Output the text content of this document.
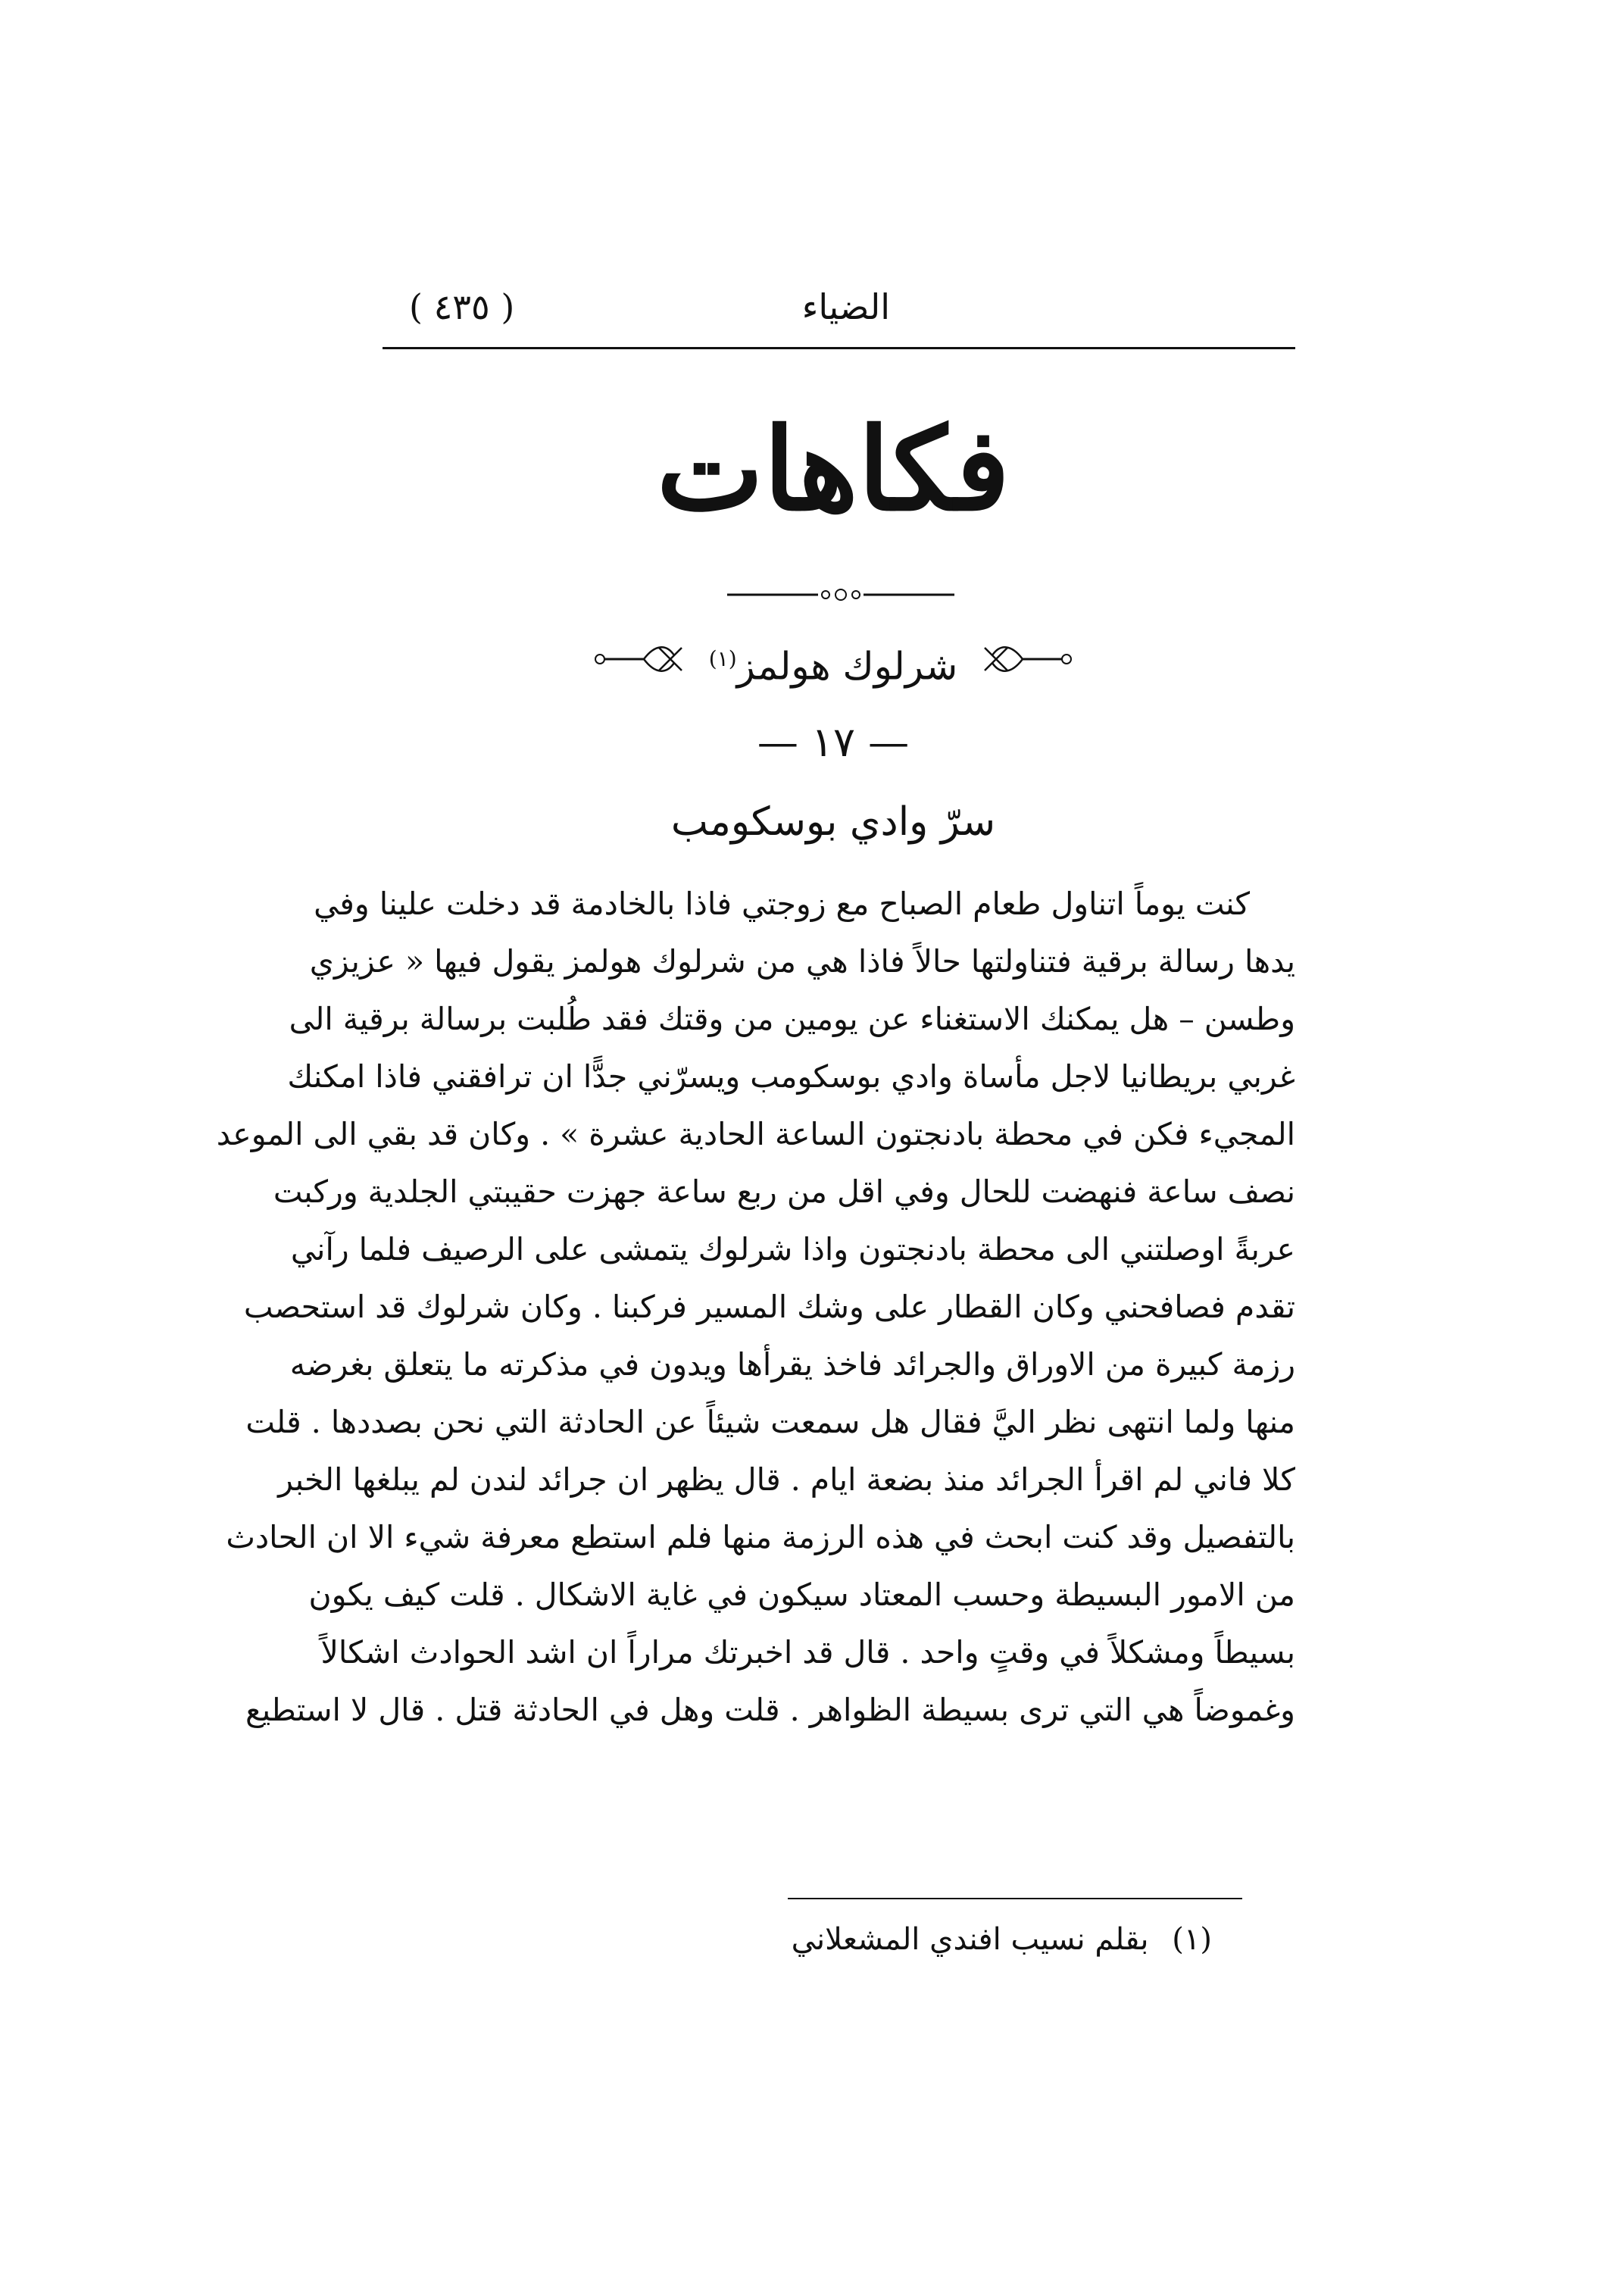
الضياء
( ٤٣٥ )
فكاهات
شرلوك هولمز$^{(١)}$
— ١٧ —
سرّ وادي بوسكومب
كنت يوماً اتناول طعام الصباح مع زوجتي فاذا بالخادمة قد دخلت علينا وفي
يدها رسالة برقية فتناولتها حالاً فاذا هي من شرلوك هولمز يقول فيها « عزيزي
وطسن – هل يمكنك الاستغناء عن يومين من وقتك فقد طُلبت برسالة برقية الى
غربي بريطانيا لاجل مأساة وادي بوسكومب ويسرّني جدًّا ان ترافقني فاذا امكنك
المجيء فكن في محطة بادنجتون الساعة الحادية عشرة » . وكان قد بقي الى الموعد
نصف ساعة فنهضت للحال وفي اقل من ربع ساعة جهزت حقيبتي الجلدية وركبت
عربةً اوصلتني الى محطة بادنجتون واذا شرلوك يتمشى على الرصيف فلما رآني
تقدم فصافحني وكان القطار على وشك المسير فركبنا . وكان شرلوك قد استحصب
رزمة كبيرة من الاوراق والجرائد فاخذ يقرأها ويدون في مذكرته ما يتعلق بغرضه
منها ولما انتهى نظر اليَّ فقال هل سمعت شيئاً عن الحادثة التي نحن بصددها . قلت
كلا فاني لم اقرأ الجرائد منذ بضعة ايام . قال يظهر ان جرائد لندن لم يبلغها الخبر
بالتفصيل وقد كنت ابحث في هذه الرزمة منها فلم استطع معرفة شيء الا ان الحادث
من الامور البسيطة وحسب المعتاد سيكون في غاية الاشكال . قلت كيف يكون
بسيطاً ومشكلاً في وقتٍ واحد . قال قد اخبرتك مراراً ان اشد الحوادث اشكالاً
وغموضاً هي التي ترى بسيطة الظواهر . قلت وهل في الحادثة قتل . قال لا استطيع
(١) بقلم نسيب افندي المشعلاني
